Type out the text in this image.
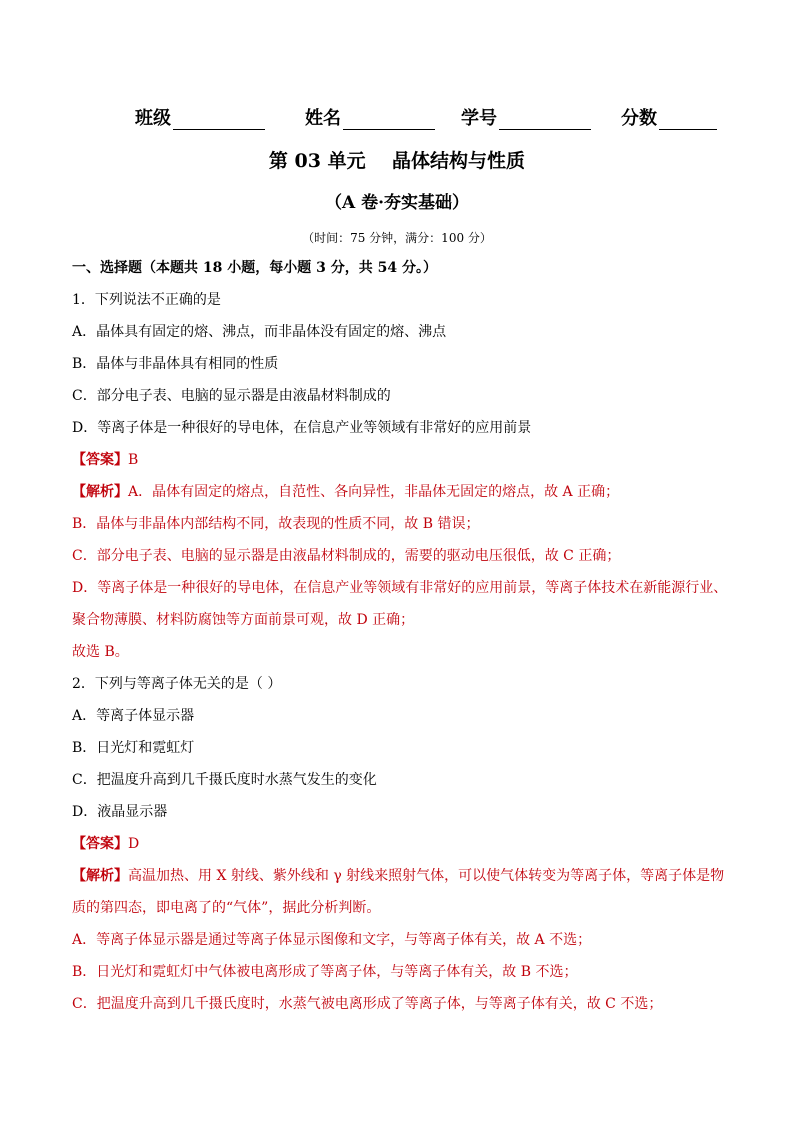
班级	姓名	学号	分数
第 03 单元    晶体结构与性质
（A 卷·夯实基础）
（时间：75 分钟，满分：100 分）
一、选择题（本题共 18 小题，每小题 3 分，共 54 分。）
1．下列说法不正确的是
A．晶体具有固定的熔、沸点，而非晶体没有固定的熔、沸点
B．晶体与非晶体具有相同的性质
C．部分电子表、电脑的显示器是由液晶材料制成的
D．等离子体是一种很好的导电体，在信息产业等领域有非常好的应用前景
【答案】B
【解析】A．晶体有固定的熔点，自范性、各向异性，非晶体无固定的熔点，故 A 正确；
B．晶体与非晶体内部结构不同，故表现的性质不同，故 B 错误；
C．部分电子表、电脑的显示器是由液晶材料制成的，需要的驱动电压很低，故 C 正确；
D．等离子体是一种很好的导电体，在信息产业等领域有非常好的应用前景，等离子体技术在新能源行业、
聚合物薄膜、材料防腐蚀等方面前景可观，故 D 正确；
故选 B。
2．下列与等离子体无关的是（ ）
A．等离子体显示器
B．日光灯和霓虹灯
C．把温度升高到几千摄氏度时水蒸气发生的变化
D．液晶显示器
【答案】D
【解析】高温加热、用 X 射线、紫外线和 γ 射线来照射气体，可以使气体转变为等离子体，等离子体是物
质的第四态，即电离了的“气体”，据此分析判断。
A．等离子体显示器是通过等离子体显示图像和文字，与等离子体有关，故 A 不选；
B．日光灯和霓虹灯中气体被电离形成了等离子体，与等离子体有关，故 B 不选；
C．把温度升高到几千摄氏度时，水蒸气被电离形成了等离子体，与等离子体有关，故 C 不选；
